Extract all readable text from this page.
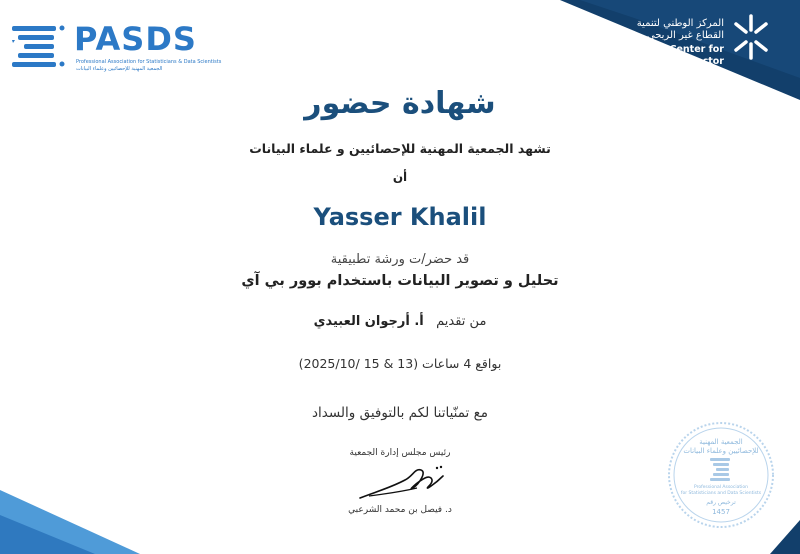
PASDS
Professional Association for Statisticians & Data Scientists
الجمعية المهنية للإحصائيين وعلماء البيانات
المركز الوطني لتنمية
القطاع غير الربحي
National Center for
Non—Profit Sector
شهادة حضور
تشهد الجمعية المهنية للإحصائيين و علماء البيانات
أن
Yasser Khalil
قد حضر/ت ورشة تطبيقية
تحليل و تصوير البيانات باستخدام بوور بي آي
من تقديم   أ. أرجوان العبيدي
بواقع 4 ساعات (13 & 15 /2025/10)
مع تمنّياتنا لكم بالتوفيق والسداد
رئيس مجلس إدارة الجمعية
د. فيصل بن محمد الشرعبي
الجمعية المهنية
للإحصائيين وعلماء البيانات
Professional Association
for Statisticians and Data Scientists
ترخيص رقم
1457
